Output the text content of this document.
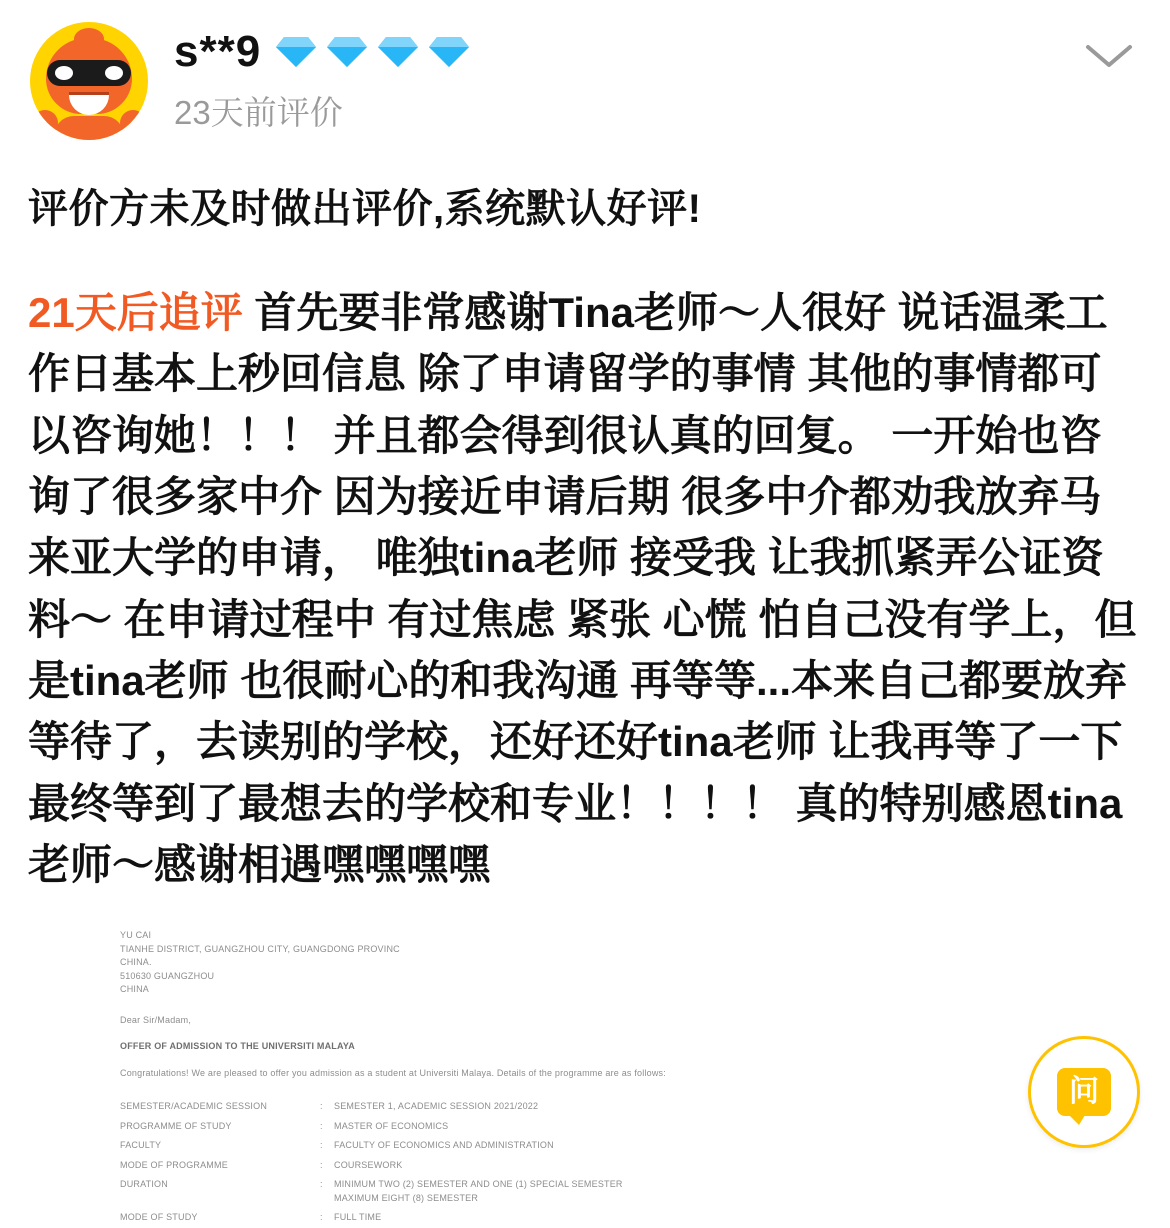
s**9
23天前评价
评价方未及时做出评价,系统默认好评!
21天后追评 首先要非常感谢Tina老师～人很好 说话温柔工作日基本上秒回信息 除了申请留学的事情 其他的事情都可以咨询她！！！ 并且都会得到很认真的回复。 一开始也咨询了很多家中介 因为接近申请后期 很多中介都劝我放弃马来亚大学的申请， 唯独tina老师 接受我 让我抓紧弄公证资料～ 在申请过程中 有过焦虑 紧张 心慌 怕自己没有学上，但是tina老师 也很耐心的和我沟通 再等等...本来自己都要放弃等待了，去读别的学校，还好还好tina老师 让我再等了一下 最终等到了最想去的学校和专业！！！！ 真的特别感恩tina老师～感谢相遇嘿嘿嘿嘿
YU CAI
TIANHE DISTRICT, GUANGZHOU CITY, GUANGDONG PROVINC
CHINA.
510630 GUANGZHOU
CHINA
Dear Sir/Madam,
OFFER OF ADMISSION TO THE UNIVERSITI MALAYA
Congratulations! We are pleased to offer you admission as a student at Universiti Malaya. Details of the programme are as follows:
SEMESTER/ACADEMIC SESSION	:	SEMESTER 1, ACADEMIC SESSION 2021/2022
PROGRAMME OF STUDY	:	MASTER OF ECONOMICS
FACULTY	:	FACULTY OF ECONOMICS AND ADMINISTRATION
MODE OF PROGRAMME	:	COURSEWORK
DURATION	:	MINIMUM TWO (2) SEMESTER AND ONE (1) SPECIAL SEMESTER
MAXIMUM EIGHT (8) SEMESTER

MODE OF STUDY	:	FULL TIME
问
